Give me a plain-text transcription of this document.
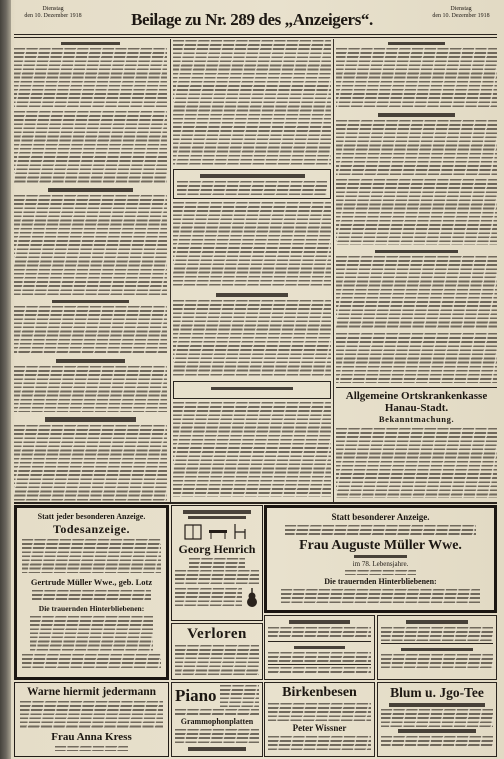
Dienstag
den 10. Dezember 1918	Beilage zu Nr. 289 des „Anzeigers“.
Dienstag
den 10. Dezember 1918
Allgemeine Ortskrankenkasse
Hanau-Stadt.
Bekanntmachung.
Statt jeder besonderen Anzeige.
Todesanzeige.
Gertrude Müller Wwe., geb. Lotz
Die trauernden Hinterbliebenen:
Georg Henrich
Statt besonderer Anzeige.
Frau Auguste Müller Wwe.
im 78. Lebensjahre.
Die trauernden Hinterbliebenen:
Verloren
Warne hiermit jedermann
Frau Anna Kress
Piano
Grammophonplatten
Birkenbesen
Peter Wissner
Blum u. Jgo-Tee
